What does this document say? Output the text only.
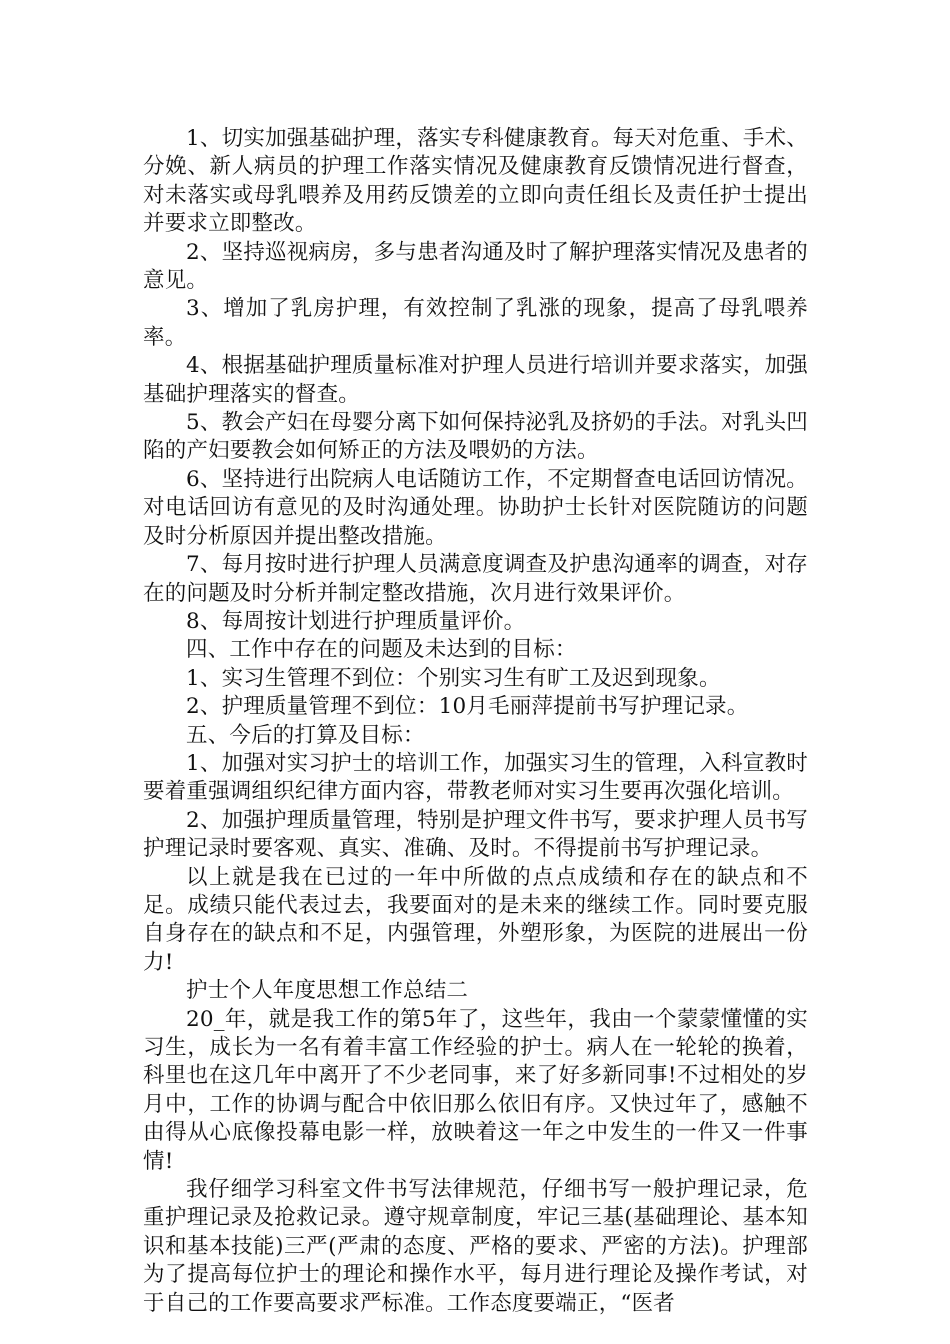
1、切实加强基础护理，落实专科健康教育。每天对危重、手术、分娩、新人病员的护理工作落实情况及健康教育反馈情况进行督查，对未落实或母乳喂养及用药反馈差的立即向责任组长及责任护士提出并要求立即整改。

2、坚持巡视病房，多与患者沟通及时了解护理落实情况及患者的意见。

3、增加了乳房护理，有效控制了乳涨的现象，提高了母乳喂养率。

4、根据基础护理质量标准对护理人员进行培训并要求落实，加强基础护理落实的督查。

5、教会产妇在母婴分离下如何保持泌乳及挤奶的手法。对乳头凹陷的产妇要教会如何矫正的方法及喂奶的方法。

6、坚持进行出院病人电话随访工作，不定期督查电话回访情况。对电话回访有意见的及时沟通处理。协助护士长针对医院随访的问题及时分析原因并提出整改措施。

7、每月按时进行护理人员满意度调查及护患沟通率的调查，对存在的问题及时分析并制定整改措施，次月进行效果评价。

8、每周按计划进行护理质量评价。

四、工作中存在的问题及未达到的目标：

1、实习生管理不到位：个别实习生有旷工及迟到现象。

2、护理质量管理不到位：10月毛丽萍提前书写护理记录。

五、今后的打算及目标：

1、加强对实习护士的培训工作，加强实习生的管理，入科宣教时要着重强调组织纪律方面内容，带教老师对实习生要再次强化培训。

2、加强护理质量管理，特别是护理文件书写，要求护理人员书写护理记录时要客观、真实、准确、及时。不得提前书写护理记录。

以上就是我在已过的一年中所做的点点成绩和存在的缺点和不足。成绩只能代表过去，我要面对的是未来的继续工作。同时要克服自身存在的缺点和不足，内强管理，外塑形象，为医院的进展出一份力!

护士个人年度思想工作总结二

20_年，就是我工作的第5年了，这些年，我由一个蒙蒙懂懂的实习生，成长为一名有着丰富工作经验的护士。病人在一轮轮的换着，科里也在这几年中离开了不少老同事，来了好多新同事!不过相处的岁月中，工作的协调与配合中依旧那么依旧有序。又快过年了，感触不由得从心底像投幕电影一样，放映着这一年之中发生的一件又一件事情!

我仔细学习科室文件书写法律规范，仔细书写一般护理记录，危重护理记录及抢救记录。遵守规章制度，牢记三基(基础理论、基本知识和基本技能)三严(严肃的态度、严格的要求、严密的方法)。护理部为了提高每位护士的理论和操作水平，每月进行理论及操作考试，对于自己的工作要高要求严标准。工作态度要端正，“医者
